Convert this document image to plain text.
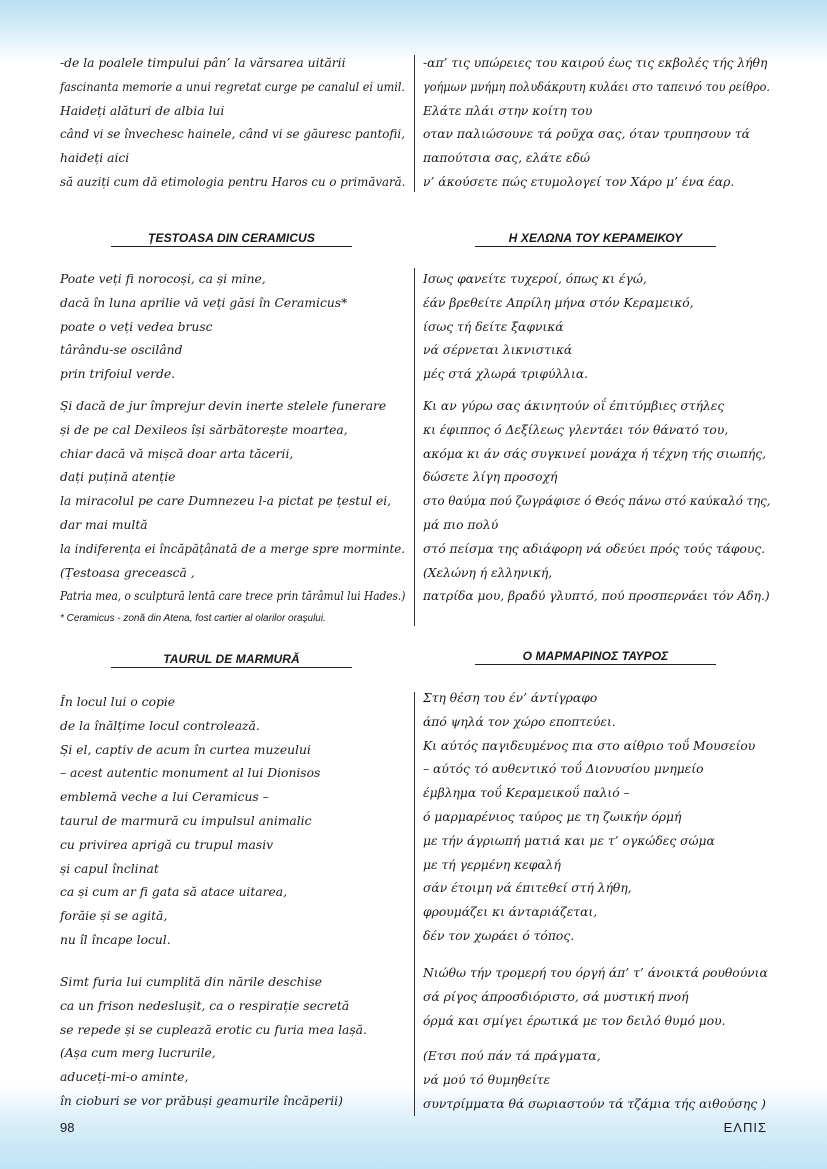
-de la poalele timpului pân’ la vărsarea uitării
fascinanta memorie a unui regretat curge pe canalul ei umil.
Haideți alături de albia lui
când vi se învechesc hainele, când vi se găuresc pantofii,
haideți aici
să auziți cum dă etimologia pentru Haros cu o primăvară.
-απ’ τις υπώρειες του καιρού έως τις εκβολές τής λήθη
γοήμων μνήμη πολυδάκρυτη κυλάει στο ταπεινό του ρείθρο.
Ελάτε πλάι στην κοίτη του
οταν παλιώσουνε τά ροῦχα σας, όταν τρυπησουν τά
παπούτσια σας, ελάτε εδώ
ν’ άκούσετε πώς ετυμολογεί τον Χάρο μ’ ένα έαρ.
ȚESTOASA DIN CERAMICUS	Η ΧΕΛΩΝΑ ΤΟΥ ΚΕΡΑΜΕΙΚΟΥ
Poate veți fi norocoși, ca și mine,
dacă în luna aprilie vă veți găsi în Ceramicus*
poate o veți vedea brusc
târându-se oscilând
prin trifoiul verde.
Și dacă de jur împrejur devin inerte stelele funerare
și de pe cal Dexileos își sărbătorește moartea,
chiar dacă vă mișcă doar arta tăcerii,
dați puțină atenție
la miracolul pe care Dumnezeu l-a pictat pe țestul ei,
dar mai multă
la indiferența ei încăpățânată de a merge spre morminte.
(Țestoasa grecească ,
Patria mea, o sculptură lentă care trece prin tărâmul lui Hades.)
* Ceramicus - zonă din Atena, fost cartier al olarilor orașului.
Ισως φανείτε τυχεροί, όπως κι έγώ,
έάν βρεθείτε Απρίλη μήνα στόν Κεραμεικό,
ίσως τή δείτε ξαφνικά
νά σέρνεται λικνιστικά
μές στά χλωρά τριφύλλια.
Κι αν γύρω σας άκινητούν οΐ έπιτύμβιες στήλες
κι έφιππος ό Δεξίλεως γλεντάει τόν θάνατό του,
ακόμα κι άν σάς συγκινεί μονάχα ή τέχνη τής σιωπής,
δώσετε λίγη προσοχή
στο θαύμα πού ζωγράφισε ό Θεός πάνω στό καύκαλό της,
μά πιο πολύ
στό πείσμα της αδιάφορη νά οδεύει πρός τούς τάφους.
(Χελώνη ή ελληνική,
πατρίδα μου, βραδύ γλυπτό, πού προσπερνάει τόν Αδη.)
TAURUL DE MARMURĂ	Ο ΜΑΡΜΑΡΙΝΟΣ ΤΑΥΡΟΣ
În locul lui o copie
de la înălțime locul controlează.
Și el, captiv de acum în curtea muzeului
– acest autentic monument al lui Dionisos
emblemă veche a lui Ceramicus –
taurul de marmură cu impulsul animalic
cu privirea aprigă cu trupul masiv
și capul înclinat
ca și cum ar fi gata să atace uitarea,
forăie și se agită,
nu îl încape locul.
Simt furia lui cumplită din nările deschise
ca un frison nedeslușit, ca o respirație secretă
se repede și se cuplează erotic cu furia mea lașă.
(Așa cum merg lucrurile,
aduceți-mi-o aminte,
în cioburi se vor prăbuși geamurile încăperii)
Στη θέση του έν’ άντίγραφο
άπό ψηλά τον χώρο εποπτεύει.
Κι αύτός παγιδευμένος πια στο αίθριο τοΰ Μουσείου
– αύτός τό αυθεντικό τοΰ Διονυσίου μνημείο
έμβλημα τοΰ Κεραμεικοΰ παλιό –
ό μαρμαρένιος ταύρος με τη ζωικήν όρμή
με τήν άγριωπή ματιά και με τ’ ογκώδες σώμα
με τή γερμένη κεφαλή
σάν έτοιμη νά έπιτεθεί στή λήθη,
φρουμάζει κι άνταριάζεται,
δέν τον χωράει ό τόπος.
Νιώθω τήν τρομερή του όργή άπ’ τ’ άνοικτά ρουθούνια
σά ρίγος άπροσδιόριστο, σά μυστική πνοή
όρμά και σμίγει έρωτικά με τον δειλό θυμό μου.
(Ετσι πού πάν τά πράγματα,
νά μού τό θυμηθείτε
συντρίμματα θά σωριαστούν τά τζάμια τής αιθούσης )
98	ΕΛΠΙΣ
